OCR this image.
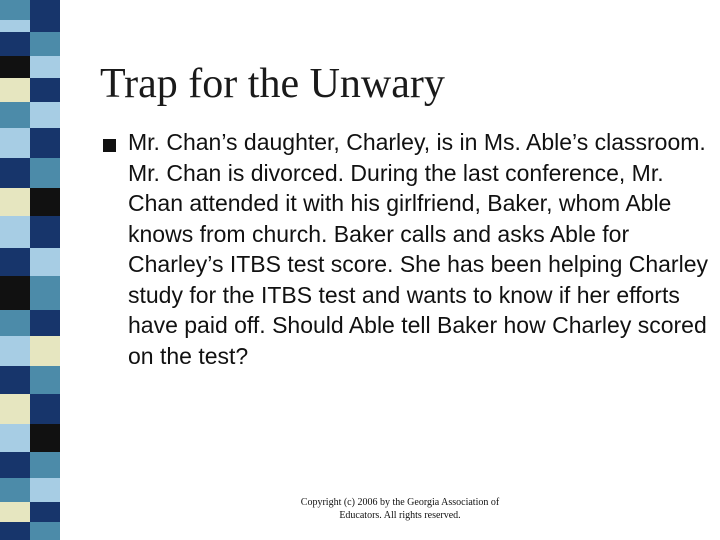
Trap for the Unwary

Mr. Chan’s daughter, Charley, is in Ms. Able’s classroom. Mr. Chan is divorced. During the last conference, Mr. Chan attended it with his girlfriend, Baker, whom Able knows from church. Baker calls and asks Able for Charley’s ITBS test score. She has been helping Charley study for the ITBS test and wants to know if her efforts have paid off. Should Able tell Baker how Charley scored on the test?

Copyright (c) 2006 by the Georgia Association of Educators. All rights reserved.
